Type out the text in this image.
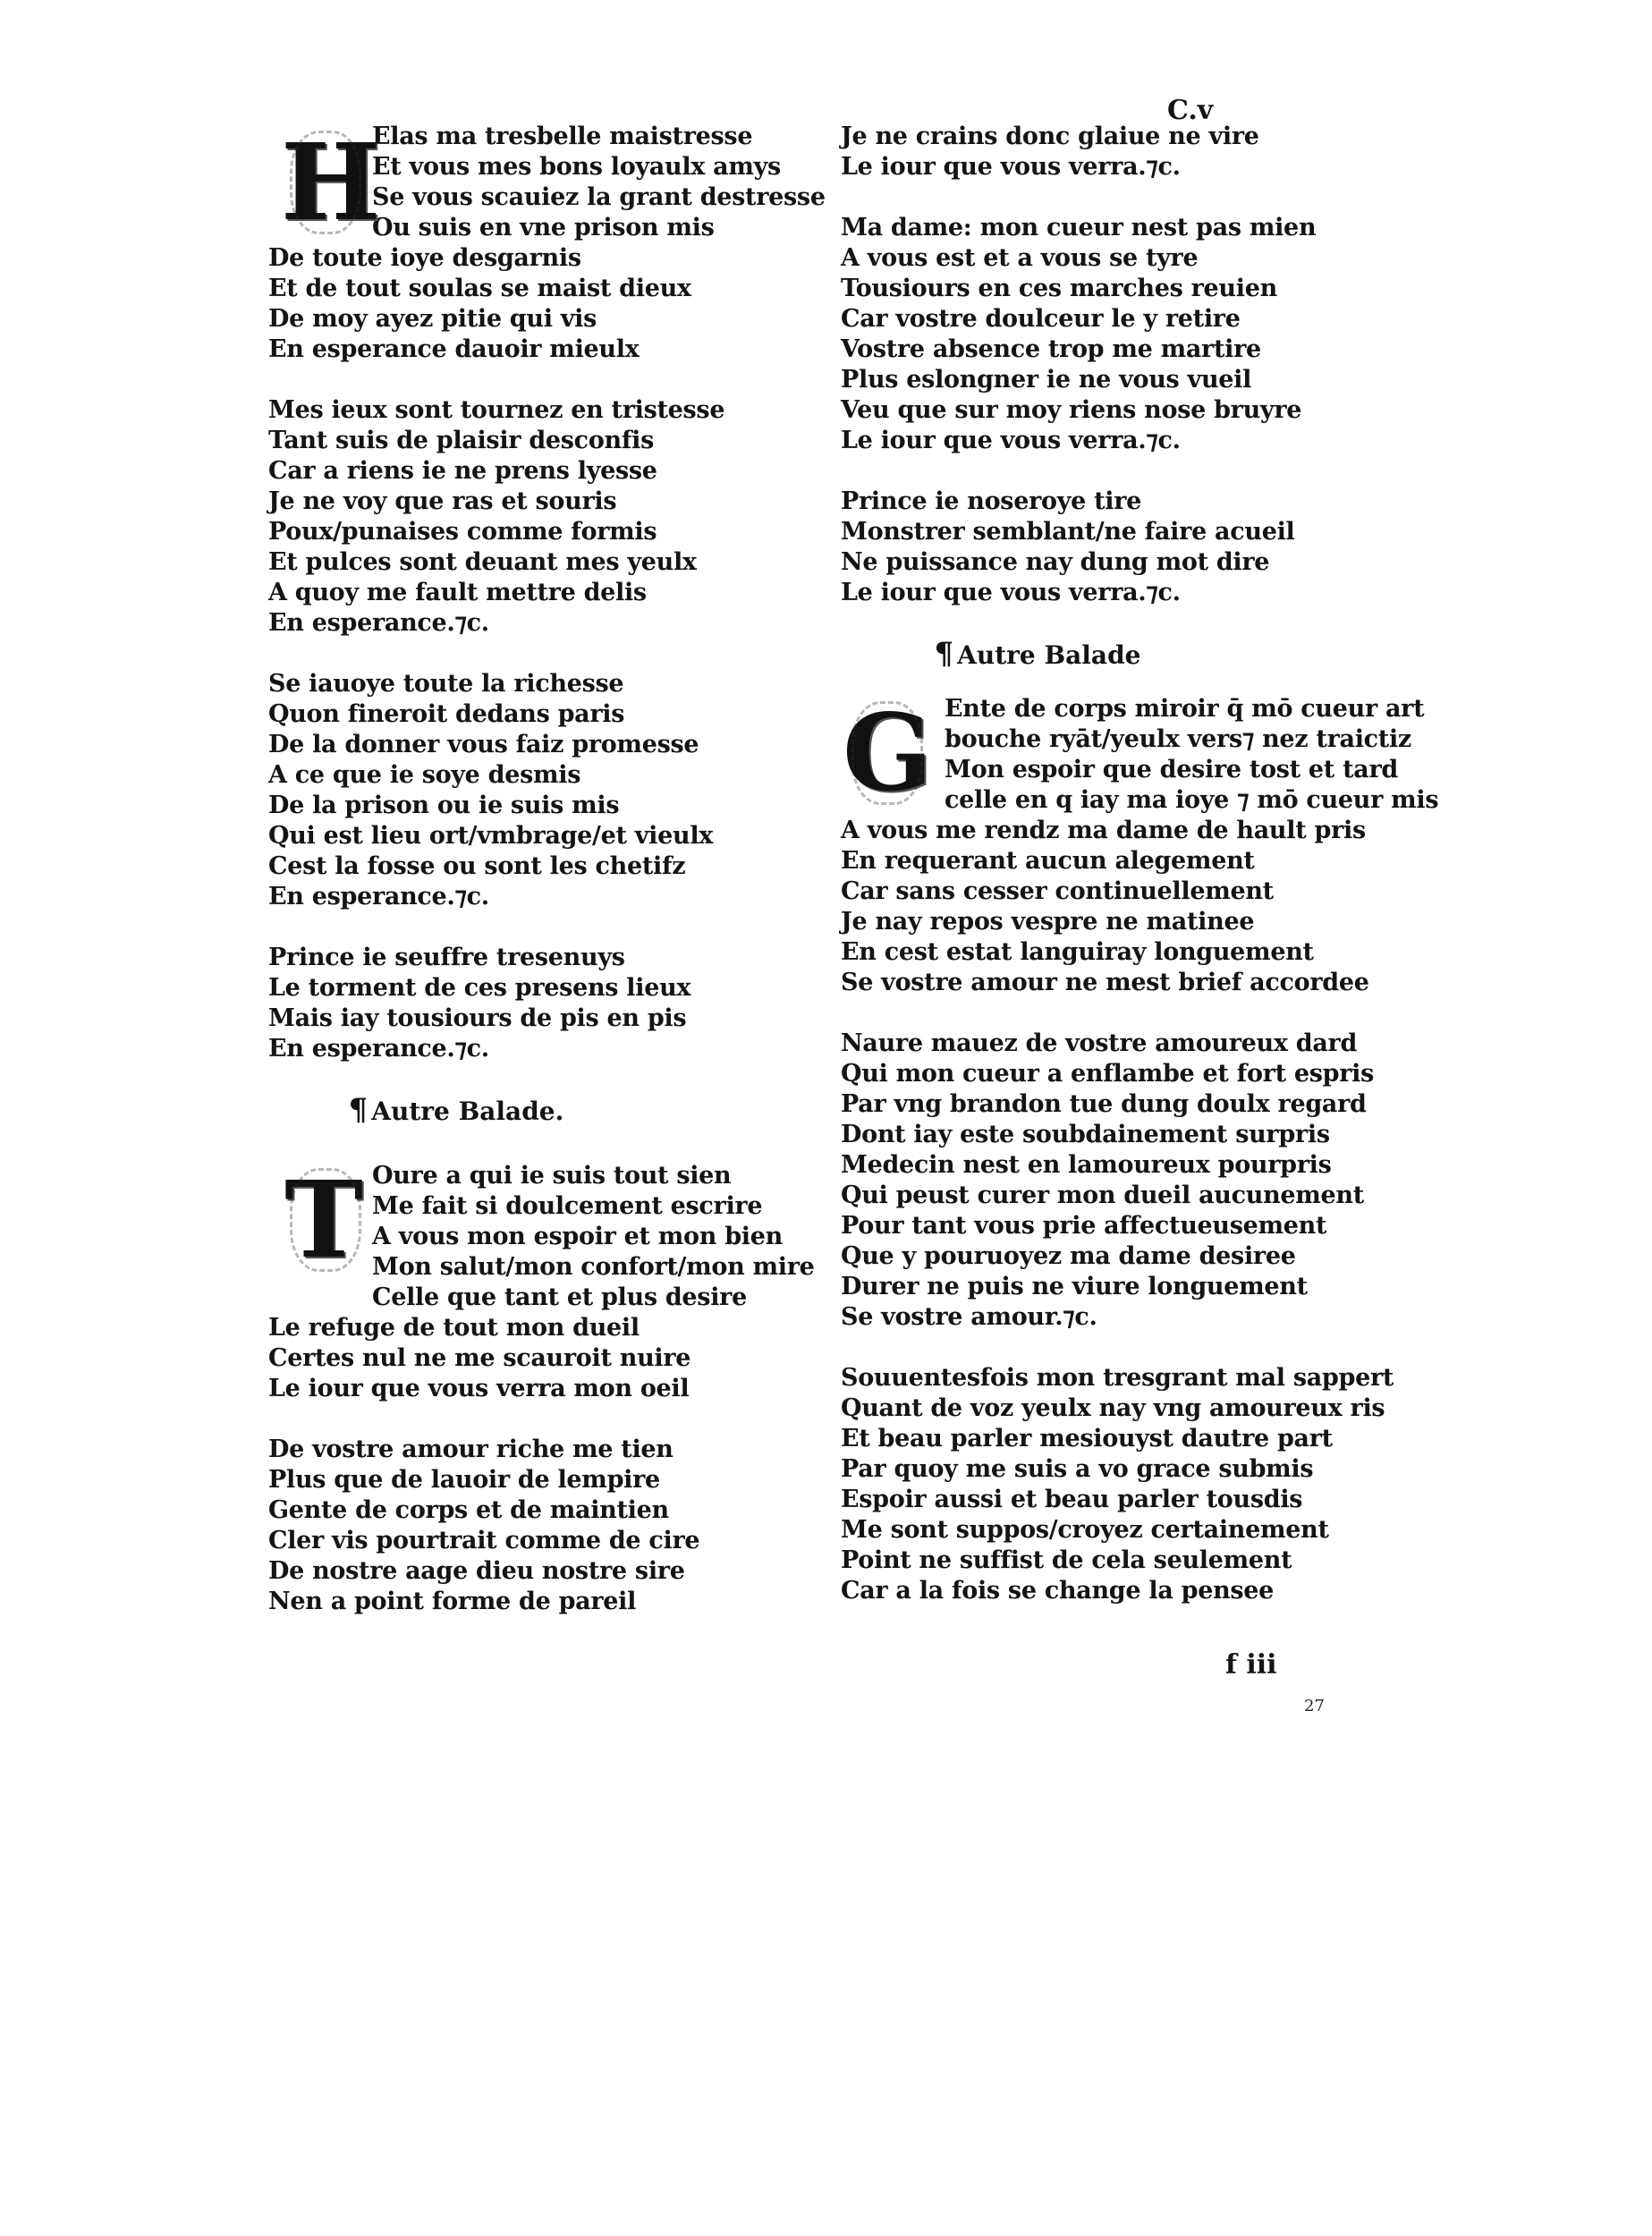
H
Elas ma tresbelle maistresse
Et vous mes bons loyaulx amys
Se vous scauiez la grant destresse
Ou suis en vne prison mis
De toute ioye desgarnis
Et de tout soulas se maist dieux
De moy ayez pitie qui vis
En esperance dauoir mieulx
Mes ieux sont tournez en tristesse
Tant suis de plaisir desconfis
Car a riens ie ne prens lyesse
Je ne voy que ras et souris
Poux/punaises comme formis
Et pulces sont deuant mes yeulx
A quoy me fault mettre delis
En esperance.⁊c.
Se iauoye toute la richesse
Quon fineroit dedans paris
De la donner vous faiz promesse
A ce que ie soye desmis
De la prison ou ie suis mis
Qui est lieu ort/vmbrage/et vieulx
Cest la fosse ou sont les chetifz
En esperance.⁊c.
Prince ie seuffre tresenuys
Le torment de ces presens lieux
Mais iay tousiours de pis en pis
En esperance.⁊c.
¶ Autre Balade.
T Oure a qui ie suis tout sien
Me fait si doulcement escrire
A vous mon espoir et mon bien
Mon salut/mon confort/mon mire
Celle que tant et plus desire
Le refuge de tout mon dueil
Certes nul ne me scauroit nuire
Le iour que vous verra mon oeil
De vostre amour riche me tien
Plus que de lauoir de lempire
Gente de corps et de maintien
Cler vis pourtrait comme de cire
De nostre aage dieu nostre sire
Nen a point forme de pareil
C.v
Je ne crains donc glaiue ne vire
Le iour que vous verra.⁊c.
Ma dame: mon cueur nest pas mien
A vous est et a vous se tyre
Tousiours en ces marches reuien
Car vostre doulceur le y retire
Vostre absence trop me martire
Plus eslongner ie ne vous vueil
Veu que sur moy riens nose bruyre
Le iour que vous verra.⁊c.
Prince ie noseroye tire
Monstrer semblant/ne faire acueil
Ne puissance nay dung mot dire
Le iour que vous verra.⁊c.
¶ Autre Balade
G Ente de corps miroir q̄ mō cueur art
bouche ryāt/yeulx vers⁊ nez traictiz
Mon espoir que desire tost et tard
celle en q iay ma ioye ⁊ mō cueur mis
A vous me rendz ma dame de hault pris
En requerant aucun alegement
Car sans cesser continuellement
Je nay repos vespre ne matinee
En cest estat languiray longuement
Se vostre amour ne mest brief accordee
Naure mauez de vostre amoureux dard
Qui mon cueur a enflambe et fort espris
Par vng brandon tue dung doulx regard
Dont iay este soubdainement surpris
Medecin nest en lamoureux pourpris
Qui peust curer mon dueil aucunement
Pour tant vous prie affectueusement
Que y pouruoyez ma dame desiree
Durer ne puis ne viure longuement
Se vostre amour.⁊c.
Souuentesfois mon tresgrant mal sappert
Quant de voz yeulx nay vng amoureux ris
Et beau parler mesiouyst dautre part
Par quoy me suis a vo grace submis
Espoir aussi et beau parler tousdis
Me sont suppos/croyez certainement
Point ne suffist de cela seulement
Car a la fois se change la pensee
f iii
27
